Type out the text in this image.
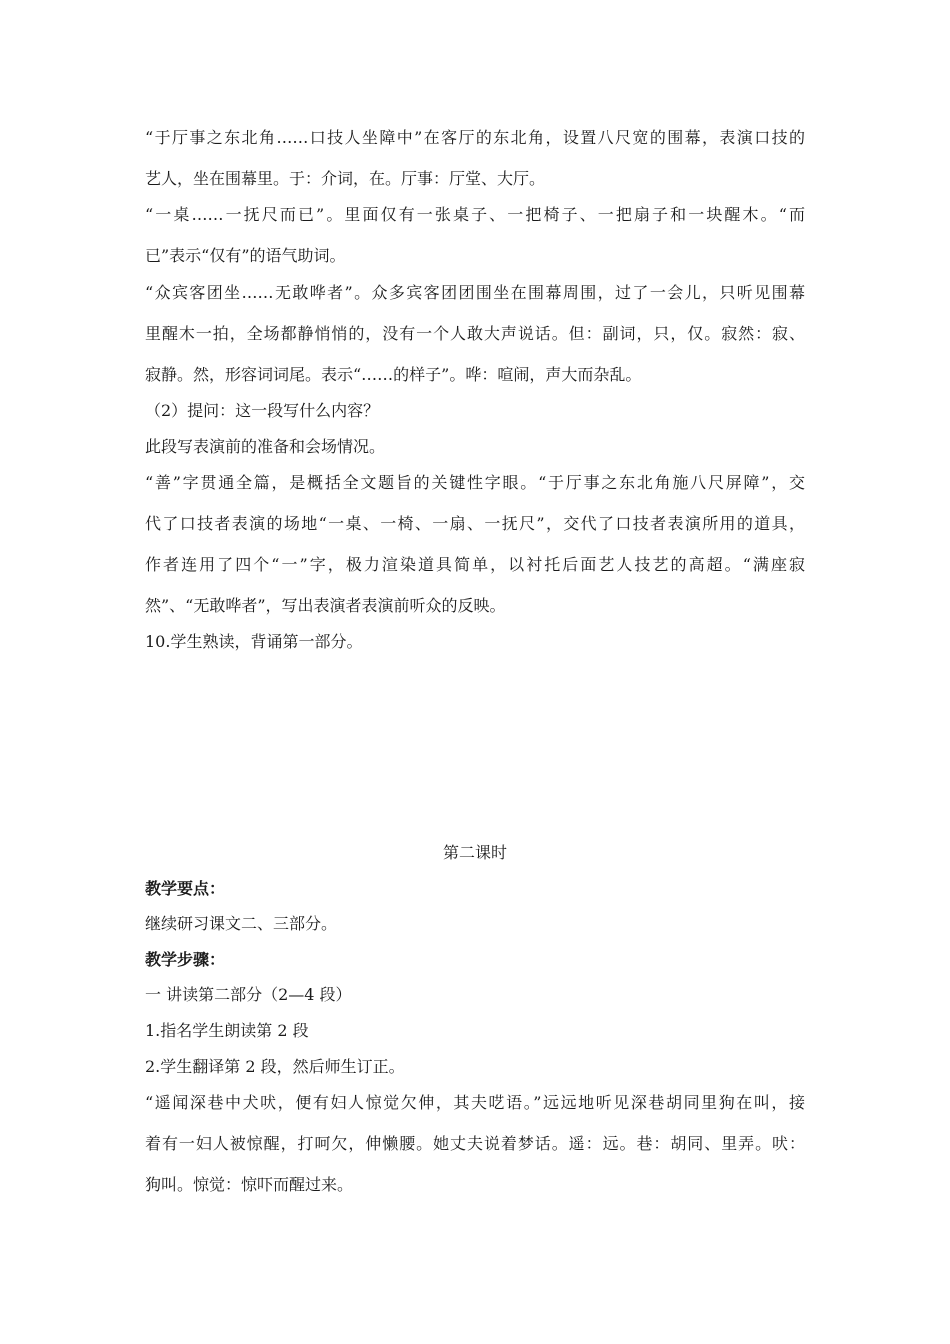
“于厅事之东北角……口技人坐障中”在客厅的东北角，设置八尺宽的围幕，表演口技的
艺人，坐在围幕里。于：介词，在。厅事：厅堂、大厅。
“一桌……一抚尺而已”。里面仅有一张桌子、一把椅子、一把扇子和一块醒木。“而
已”表示“仅有”的语气助词。
“众宾客团坐……无敢哗者”。众多宾客团团围坐在围幕周围，过了一会儿，只听见围幕
里醒木一拍，全场都静悄悄的，没有一个人敢大声说话。但：副词，只，仅。寂然：寂、
寂静。然，形容词词尾。表示“……的样子”。哗：喧闹，声大而杂乱。
（2）提问：这一段写什么内容？
此段写表演前的准备和会场情况。
“善”字贯通全篇，是概括全文题旨的关键性字眼。“于厅事之东北角施八尺屏障”，交
代了口技者表演的场地“一桌、一椅、一扇、一抚尺”，交代了口技者表演所用的道具，
作者连用了四个“一”字，极力渲染道具简单，以衬托后面艺人技艺的高超。“满座寂
然”、“无敢哗者”，写出表演者表演前听众的反映。
10.学生熟读，背诵第一部分。
第二课时
教学要点：
继续研习课文二、三部分。
教学步骤：
一 讲读第二部分（2—4 段）
1.指名学生朗读第 2 段
2.学生翻译第 2 段，然后师生订正。
“遥闻深巷中犬吠，便有妇人惊觉欠伸，其夫呓语。”远远地听见深巷胡同里狗在叫，接
着有一妇人被惊醒，打呵欠，伸懒腰。她丈夫说着梦话。遥：远。巷：胡同、里弄。吠：
狗叫。惊觉：惊吓而醒过来。
